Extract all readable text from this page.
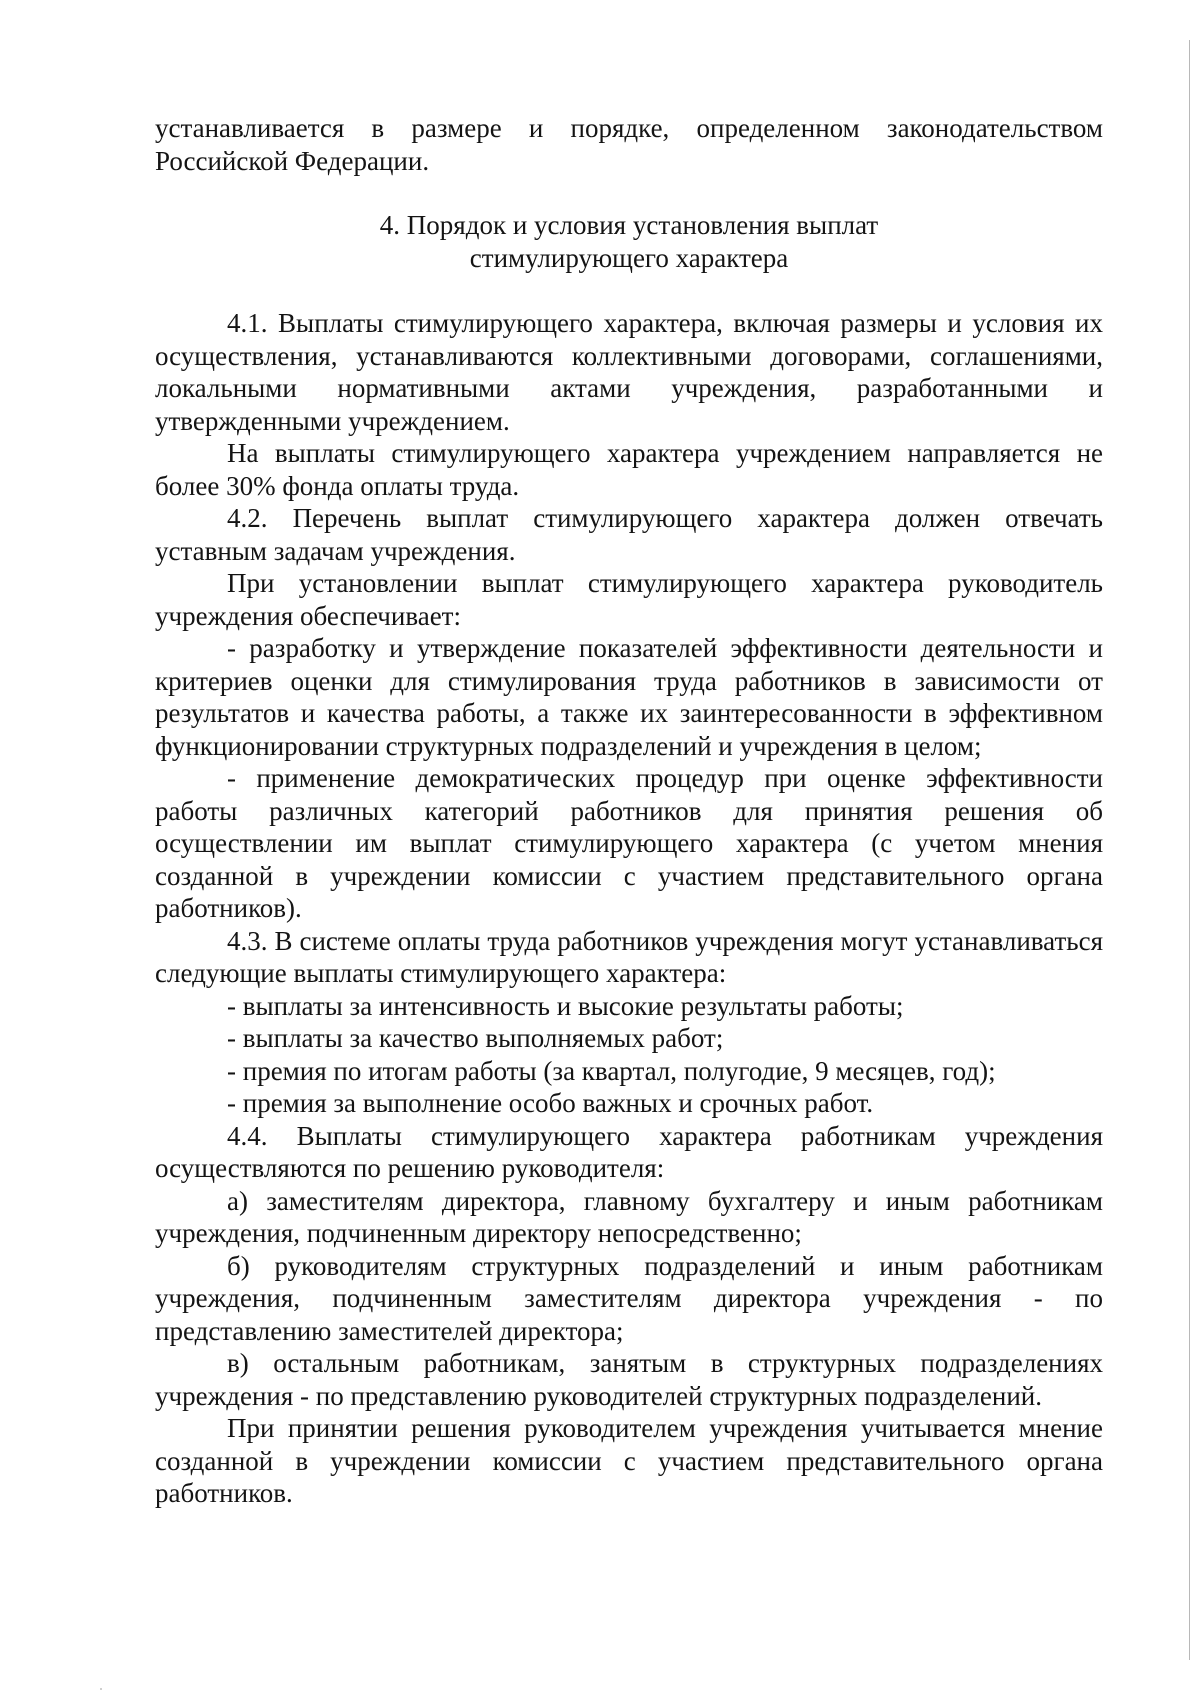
устанавливается в размере и порядке, определенном законодательством Российской Федерации.

4. Порядок и условия установления выплат
стимулирующего характера

4.1. Выплаты стимулирующего характера, включая размеры и условия их осуществления, устанавливаются коллективными договорами, соглашениями, локальными нормативными актами учреждения, разработанными и утвержденными учреждением.

На выплаты стимулирующего характера учреждением направляется не более 30% фонда оплаты труда.

4.2. Перечень выплат стимулирующего характера должен отвечать уставным задачам учреждения.

При установлении выплат стимулирующего характера руководитель учреждения обеспечивает:

- разработку и утверждение показателей эффективности деятельности и критериев оценки для стимулирования труда работников в зависимости от результатов и качества работы, а также их заинтересованности в эффективном функционировании структурных подразделений и учреждения в целом;

- применение демократических процедур при оценке эффективности работы различных категорий работников для принятия решения об осуществлении им выплат стимулирующего характера (с учетом мнения созданной в учреждении комиссии с участием представительного органа работников).

4.3. В системе оплаты труда работников учреждения могут устанавливаться следующие выплаты стимулирующего характера:

- выплаты за интенсивность и высокие результаты работы;

- выплаты за качество выполняемых работ;

- премия по итогам работы (за квартал, полугодие, 9 месяцев, год);

- премия за выполнение особо важных и срочных работ.

4.4. Выплаты стимулирующего характера работникам учреждения осуществляются по решению руководителя:

а) заместителям директора, главному бухгалтеру и иным работникам учреждения, подчиненным директору непосредственно;

б) руководителям структурных подразделений и иным работникам учреждения, подчиненным заместителям директора учреждения - по представлению заместителей директора;

в) остальным работникам, занятым в структурных подразделениях учреждения - по представлению руководителей структурных подразделений.

При принятии решения руководителем учреждения учитывается мнение созданной в учреждении комиссии с участием представительного органа работников.
